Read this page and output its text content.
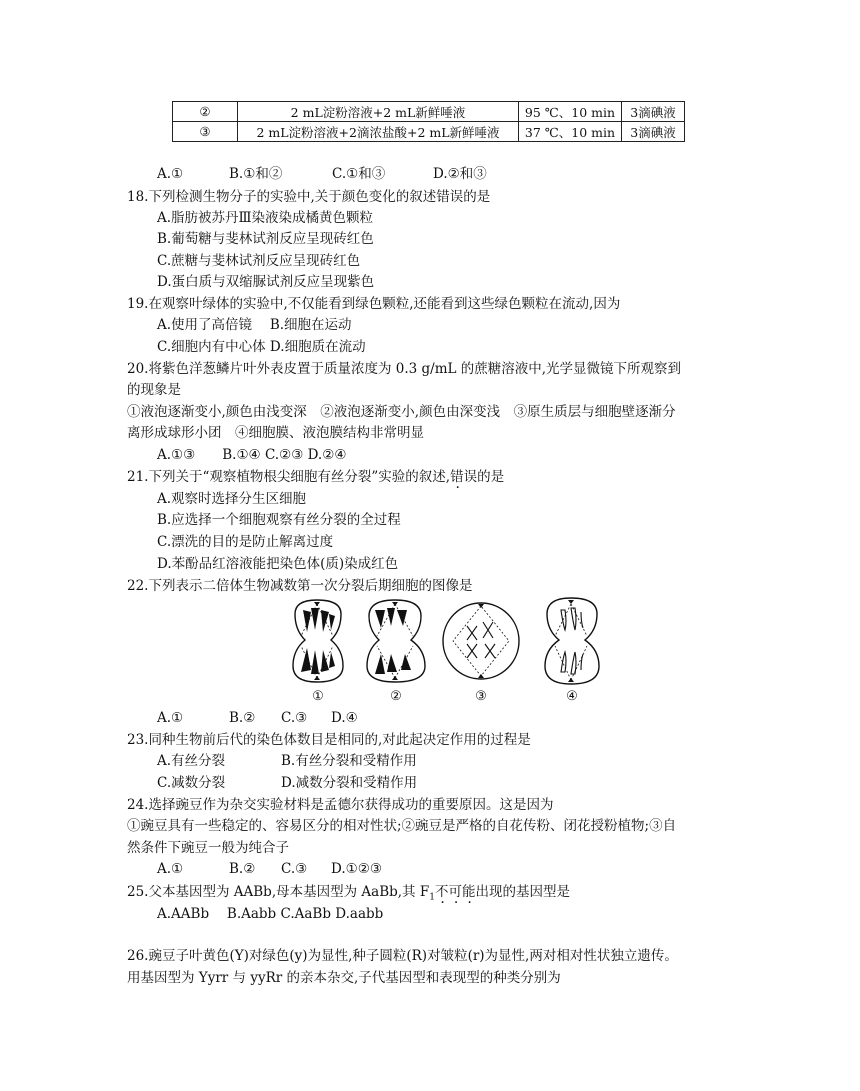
②	2 mL淀粉溶液+2 mL新鲜唾液	95 ℃、10 min	3滴碘液
③	2 mL淀粉溶液+2滴浓盐酸+2 mL新鲜唾液	37 ℃、10 min	3滴碘液
A.①	B.①和②	C.①和③	D.②和③
18.下列检测生物分子的实验中,关于颜色变化的叙述错误的是
A.脂肪被苏丹Ⅲ染液染成橘黄色颗粒
B.葡萄糖与斐林试剂反应呈现砖红色
C.蔗糖与斐林试剂反应呈现砖红色
D.蛋白质与双缩脲试剂反应呈现紫色
19.在观察叶绿体的实验中,不仅能看到绿色颗粒,还能看到这些绿色颗粒在流动,因为
A.使用了高倍镜　 B.细胞在运动
C.细胞内有中心体 D.细胞质在流动
20.将紫色洋葱鳞片叶外表皮置于质量浓度为 0.3 g/mL 的蔗糖溶液中,光学显微镜下所观察到
的现象是
①液泡逐渐变小,颜色由浅变深　②液泡逐渐变小,颜色由深变浅　③原生质层与细胞壁逐渐分
离形成球形小团　④细胞膜、液泡膜结构非常明显
A.①③　　B.①④ C.②③ D.②④
21.下列关于“观察植物根尖细胞有丝分裂”实验的叙述,错误的是
A.观察时选择分生区细胞
B.应选择一个细胞观察有丝分裂的全过程
C.漂洗的目的是防止解离过度
D.苯酚品红溶液能把染色体(质)染成红色
22.下列表示二倍体生物减数第一次分裂后期细胞的图像是
①	②	③	④
A.①	B.② C.③ D.④
23.同种生物前后代的染色体数目是相同的,对此起决定作用的过程是
A.有丝分裂	B.有丝分裂和受精作用
C.减数分裂	D.减数分裂和受精作用
24.选择豌豆作为杂交实验材料是孟德尔获得成功的重要原因。这是因为
①豌豆具有一些稳定的、容易区分的相对性状;②豌豆是严格的自花传粉、闭花授粉植物;③自
然条件下豌豆一般为纯合子
A.①	B.② C.③ D.①②③
25.父本基因型为 AABb,母本基因型为 AaBb,其 $F_1$不可能出现的基因型是
A.AABb　 B.Aabb C.AaBb D.aabb
26.豌豆子叶黄色(Y)对绿色(y)为显性,种子圆粒(R)对皱粒(r)为显性,两对相对性状独立遗传。
用基因型为 Yyrr 与 yyRr 的亲本杂交,子代基因型和表现型的种类分别为
